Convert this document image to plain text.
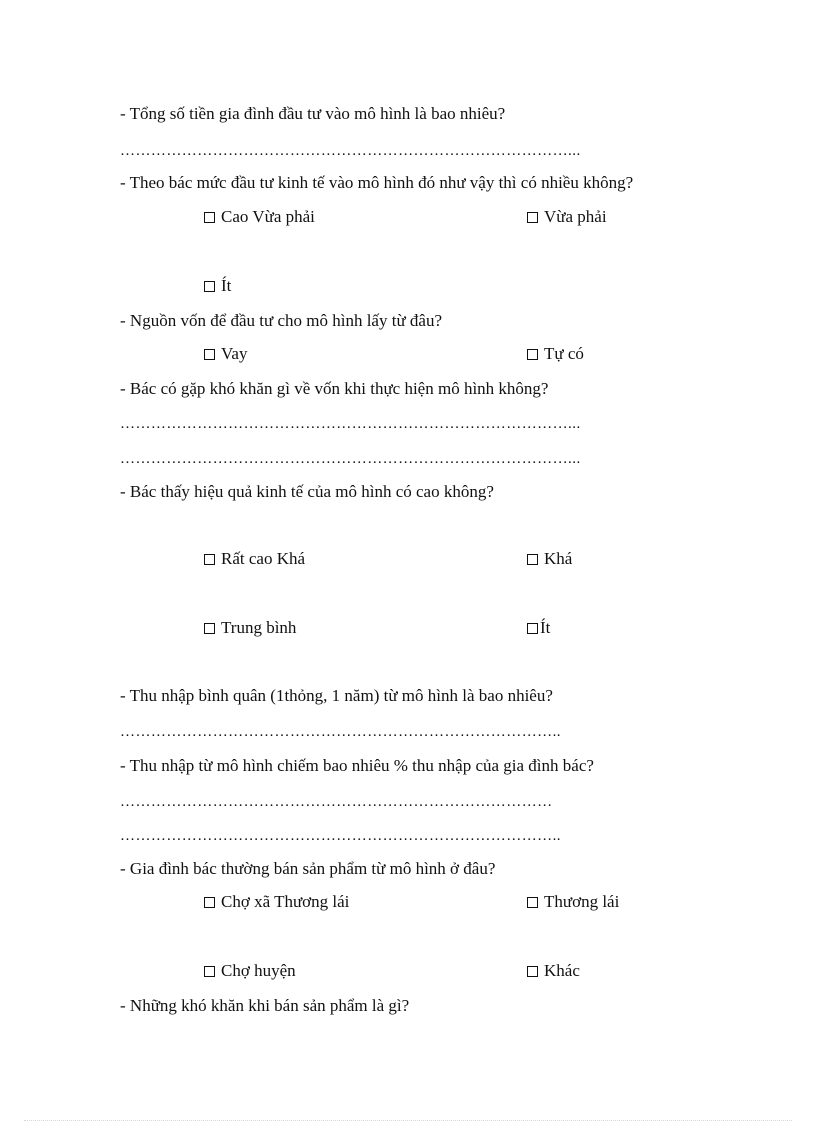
- Tổng số tiền gia đình đầu tư vào mô hình là bao nhiêu?
……………………………………………………………………………...
- Theo bác mức đầu tư kinh tế vào mô hình đó như vậy thì có nhiều không?
Cao Vừa phải	Vừa phải
Ít
- Nguồn vốn để đầu tư cho mô hình lấy từ đâu?
Vay	Tự có
- Bác có gặp khó khăn gì về vốn khi thực hiện mô hình không?
……………………………………………………………………………...
……………………………………………………………………………...
- Bác thấy hiệu quả kinh tế của mô hình có cao không?
Rất cao Khá	Khá
Trung bình	Ít
- Thu nhập bình quân (1thỏng, 1 năm) từ mô hình là bao nhiêu?
…………………………………………………………………………..
- Thu nhập từ mô hình chiếm bao nhiêu % thu nhập của gia đình bác?
…………………………………………………………………………
…………………………………………………………………………..
- Gia đình bác thường bán sản phẩm từ mô hình ở đâu?
Chợ xã Thương lái	Thương lái
Chợ huyện	Khác
- Những khó khăn khi bán sản phẩm là gì?
